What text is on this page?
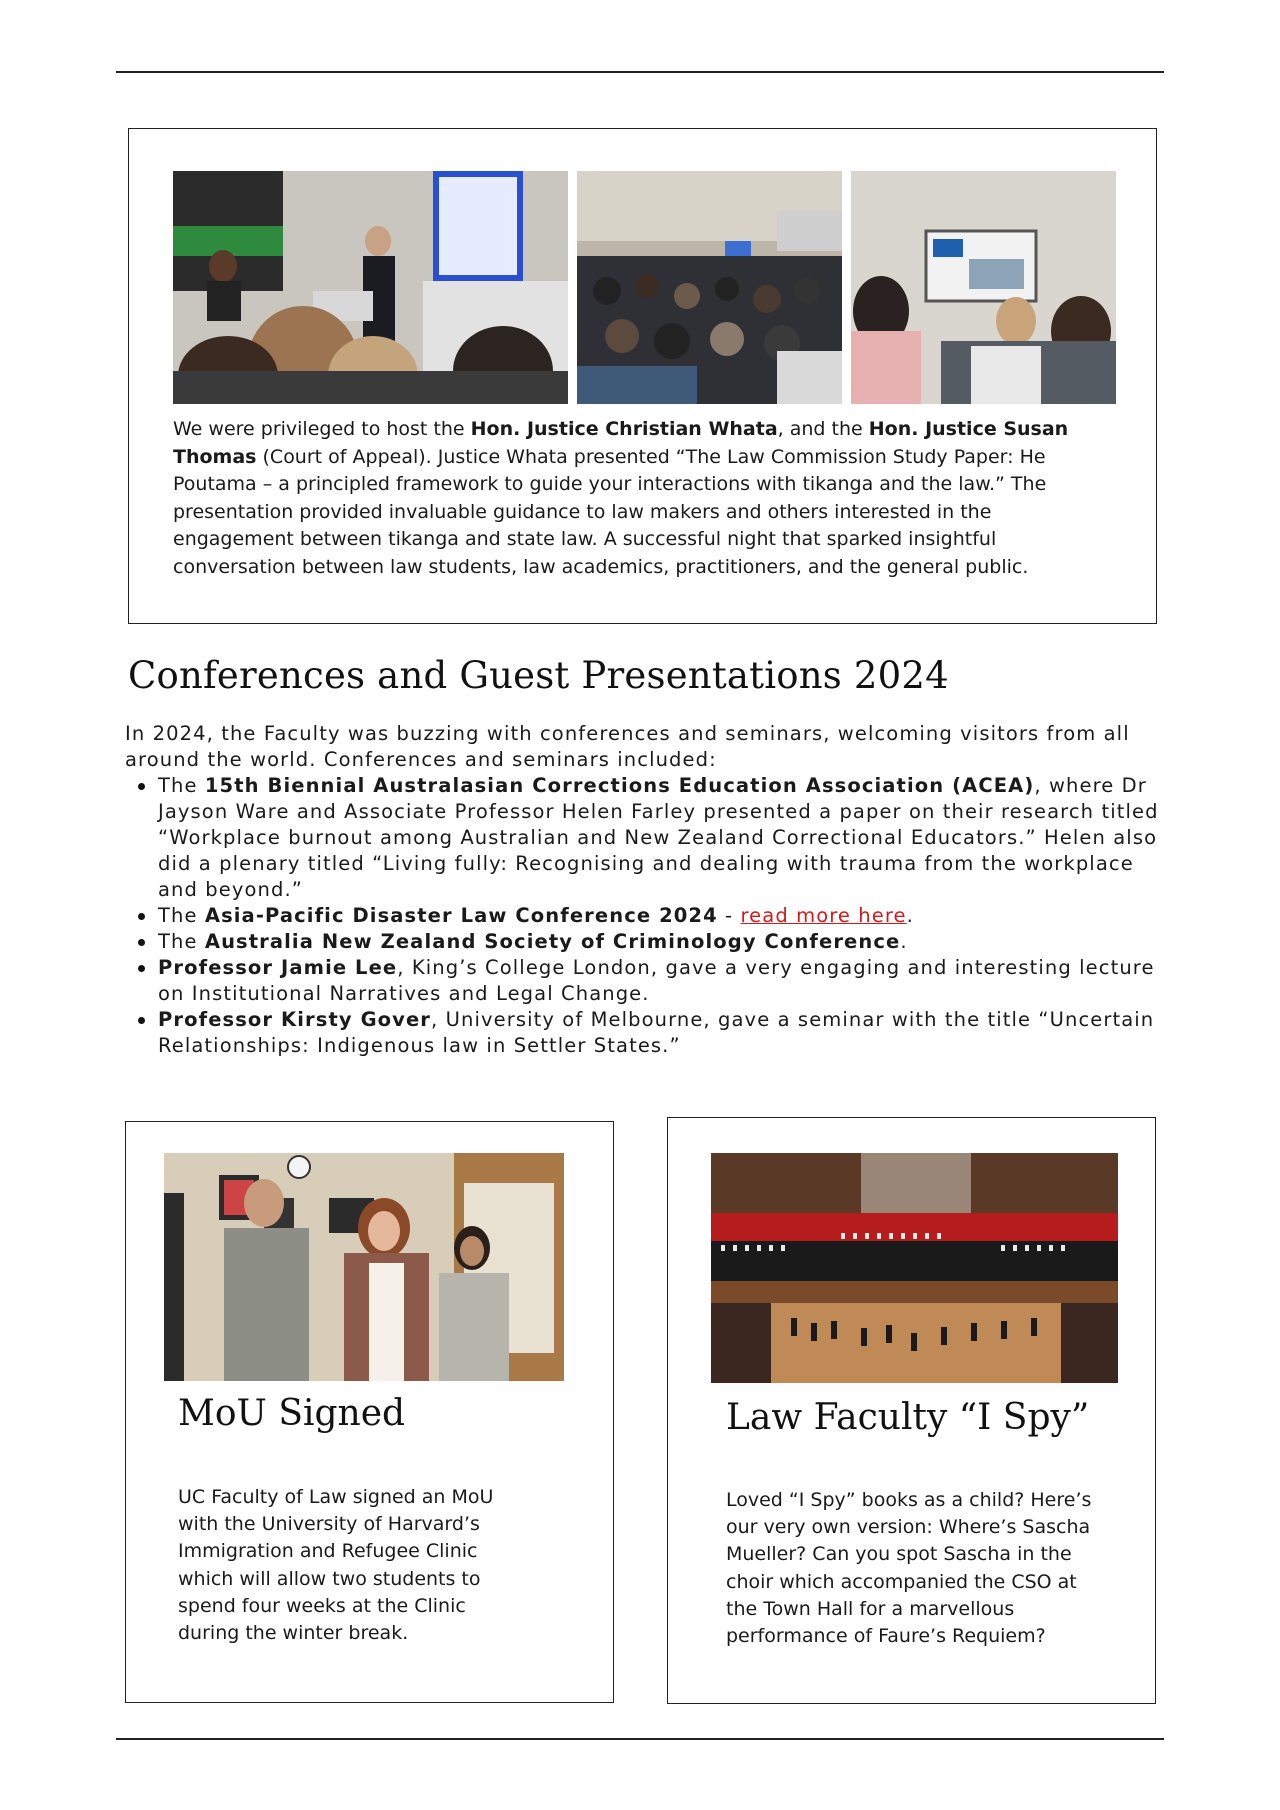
We were privileged to host the Hon. Justice Christian Whata, and the Hon. Justice Susan Thomas (Court of Appeal). Justice Whata presented “The Law Commission Study Paper: He Poutama – a principled framework to guide your interactions with tikanga and the law.” The presentation provided invaluable guidance to law makers and others interested in the engagement between tikanga and state law. A successful night that sparked insightful conversation between law students, law academics, practitioners, and the general public.
Conferences and Guest Presentations 2024
In 2024, the Faculty was buzzing with conferences and seminars, welcoming visitors from all around the world. Conferences and seminars included:
The 15th Biennial Australasian Corrections Education Association (ACEA), where Dr Jayson Ware and Associate Professor Helen Farley presented a paper on their research titled “Workplace burnout among Australian and New Zealand Correctional Educators.” Helen also did a plenary titled “Living fully: Recognising and dealing with trauma from the workplace and beyond.”
The Asia-Pacific Disaster Law Conference 2024 - read more here.
The Australia New Zealand Society of Criminology Conference.
Professor Jamie Lee, King’s College London, gave a very engaging and interesting lecture on Institutional Narratives and Legal Change.
Professor Kirsty Gover, University of Melbourne, gave a seminar with the title “Uncertain Relationships: Indigenous law in Settler States.”
MoU Signed
UC Faculty of Law signed an MoU with the University of Harvard’s Immigration and Refugee Clinic which will allow two students to spend four weeks at the Clinic during the winter break.
Law Faculty “I Spy”
Loved “I Spy” books as a child? Here’s our very own version: Where’s Sascha Mueller? Can you spot Sascha in the choir which accompanied the CSO at the Town Hall for a marvellous performance of Faure’s Requiem?
